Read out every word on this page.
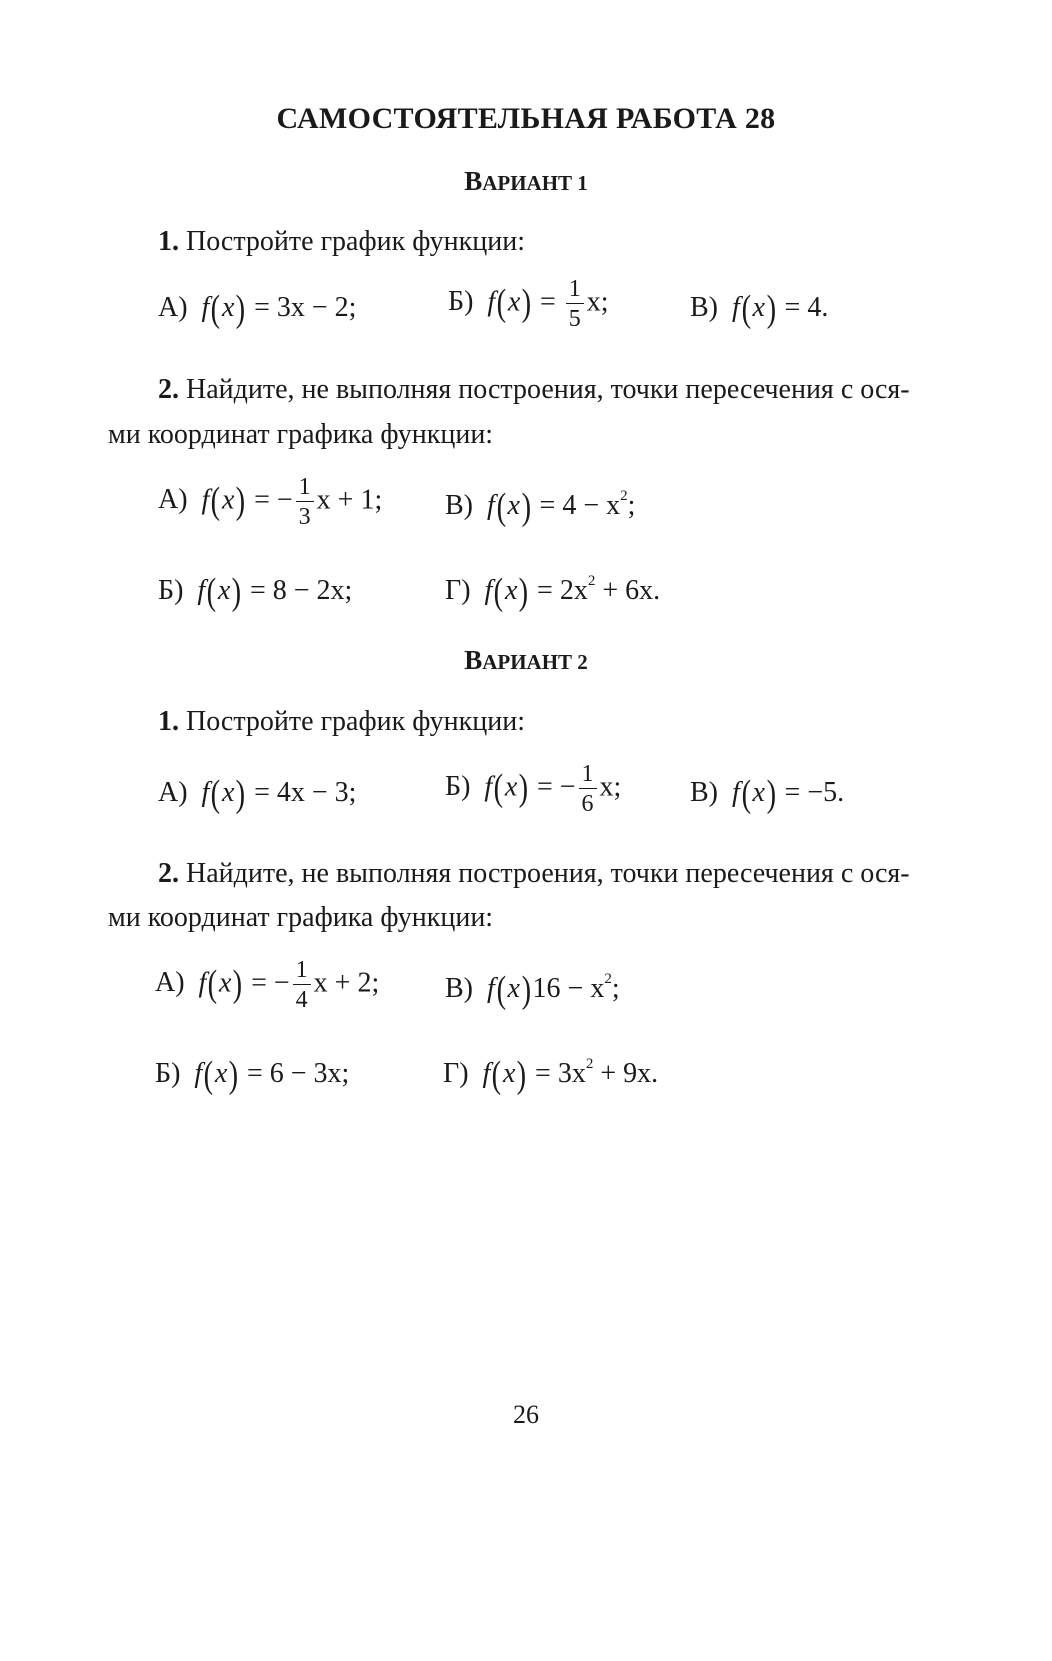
САМОСТОЯТЕЛЬНАЯ РАБОТА 28
ВАРИАНТ 1
1. Постройте график функции:
А) f(x) = 3x − 2;	Б) $f(x) = \frac{1}{5} x$;	В) f(x) = 4.
2. Найдите, не выполняя построения, точки пересечения с ося-
ми координат графика функции:
А) f(x) = − $\frac{1}{3}$ x + 1; В) $f(x) = 4 - x^2$;
Б) f(x) = 8 − 2x;	Г) $f(x) = 2x^2 + 6x$.
ВАРИАНТ 2
1. Постройте график функции:
А) f(x) = 4x − 3;	Б) f(x) = − $\frac{1}{6} x$; В) f(x) = −5.
2. Найдите, не выполняя построения, точки пересечения с ося-
ми координат графика функции:
А) f(x) = − $\frac{1}{4}$ x + 2; В) $f(x)16 - x^2$;
Б) f(x) = 6 − 3x;	Г) $f(x) = 3x^2 + 9x$.
26
